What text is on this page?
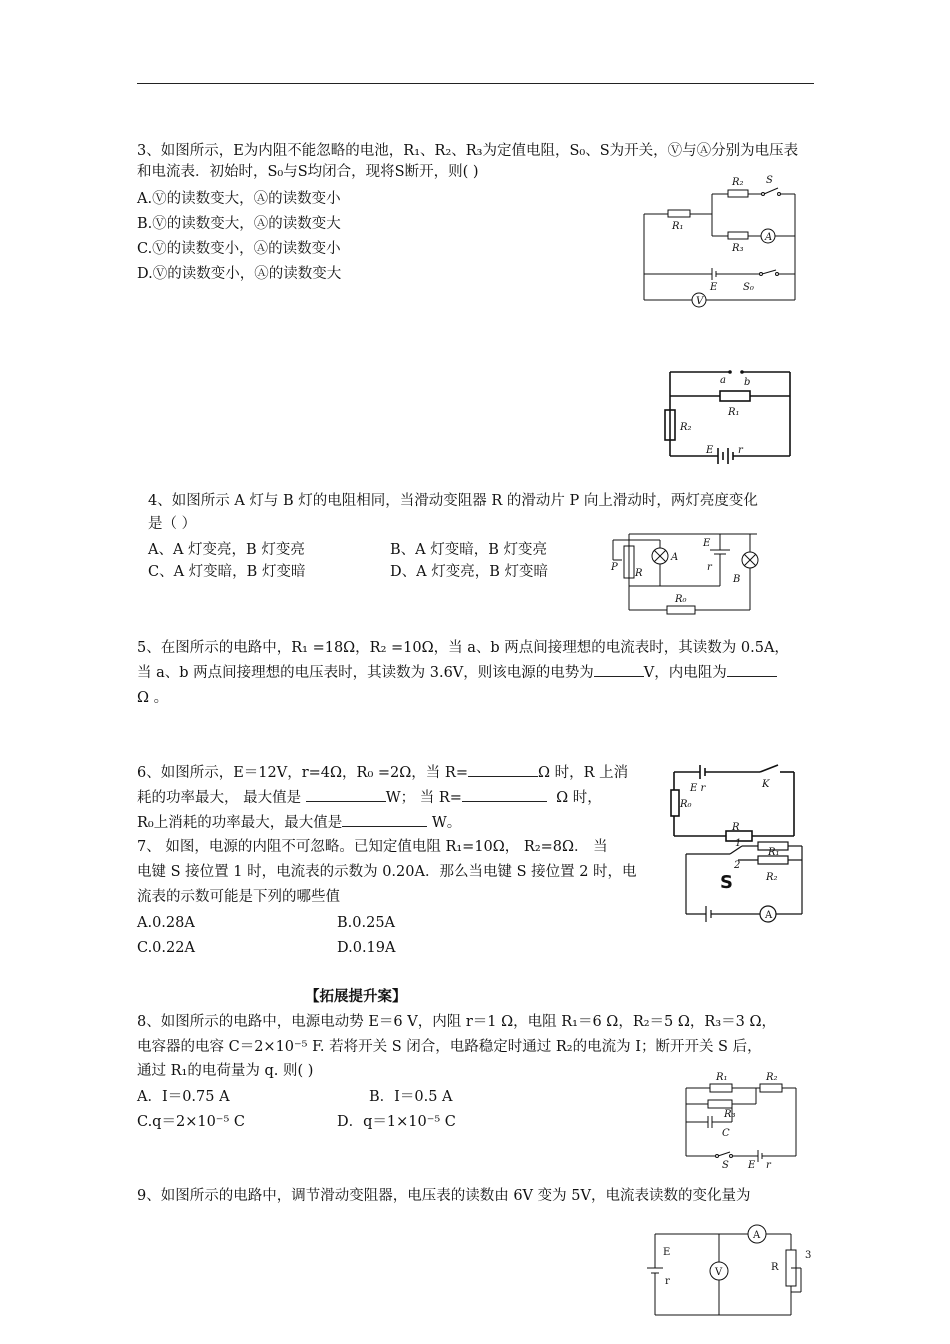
3、如图所示，E为内阻不能忽略的电池，R₁、R₂、R₃为定值电阻，S₀、S为开关，Ⓥ与Ⓐ分别为电压表
和电流表．初始时，S₀与S均闭合，现将S断开，则( )
A.Ⓥ的读数变大，Ⓐ的读数变小
B.Ⓥ的读数变大，Ⓐ的读数变大
C.Ⓥ的读数变小，Ⓐ的读数变小
D.Ⓥ的读数变小，Ⓐ的读数变大
R₂ S
R₁
R₃
A
E	S₀
V
a b
R₁
R₂
E r
4、如图所示 A 灯与 B 灯的电阻相同，当滑动变阻器 R 的滑动片 P 向上滑动时，两灯亮度变化
是（ ）
A、A 灯变亮，B 灯变亮	B、A 灯变暗，B 灯变亮
C、A 灯变暗，B 灯变暗	D、A 灯变亮，B 灯变暗	P
R
A
E
r
B
R₀
5、在图所示的电路中，R₁ =18Ω，R₂ =10Ω，当 a、b 两点间接理想的电流表时，其读数为 0.5A，
当 a、b 两点间接理想的电压表时，其读数为 3.6V，则该电源的电势为	V，内电阻为
Ω 。
6、如图所示，E＝12V，r=4Ω，R₀ =2Ω，当 R=	Ω 时，R 上消
耗的功率最大， 最大值是	W； 当 R=	Ω 时，
R₀上消耗的功率最大，最大值是	W。
E r	K
R₀
R
7、 如图，电源的内阻不可忽略。已知定值电阻 R₁=10Ω， R₂=8Ω． 当
电键 S 接位置 1 时，电流表的示数为 0.20A．那么当电键 S 接位置 2 时，电
流表的示数可能是下列的哪些值
A.0.28A	B.0.25A
C.0.22A	D.0.19A
1
2
S
R₁
R₂
A
【拓展提升案】
8、如图所示的电路中，电源电动势 E＝6 V，内阻 r＝1 Ω，电阻 R₁＝6 Ω，R₂＝5 Ω，R₃＝3 Ω，
电容器的电容 C＝2×10⁻⁵ F. 若将开关 S 闭合，电路稳定时通过 R₂的电流为 I；断开开关 S 后，
通过 R₁的电荷量为 q. 则( )
A．I＝0.75 A	B．I＝0.5 A
C.q＝2×10⁻⁵ C	D．q＝1×10⁻⁵ C
R₁	R₂
R₃
C
S E r
9、如图所示的电路中，调节滑动变阻器，电压表的读数由 6V 变为 5V，电流表读数的变化量为
E
r
V
A
R
3
